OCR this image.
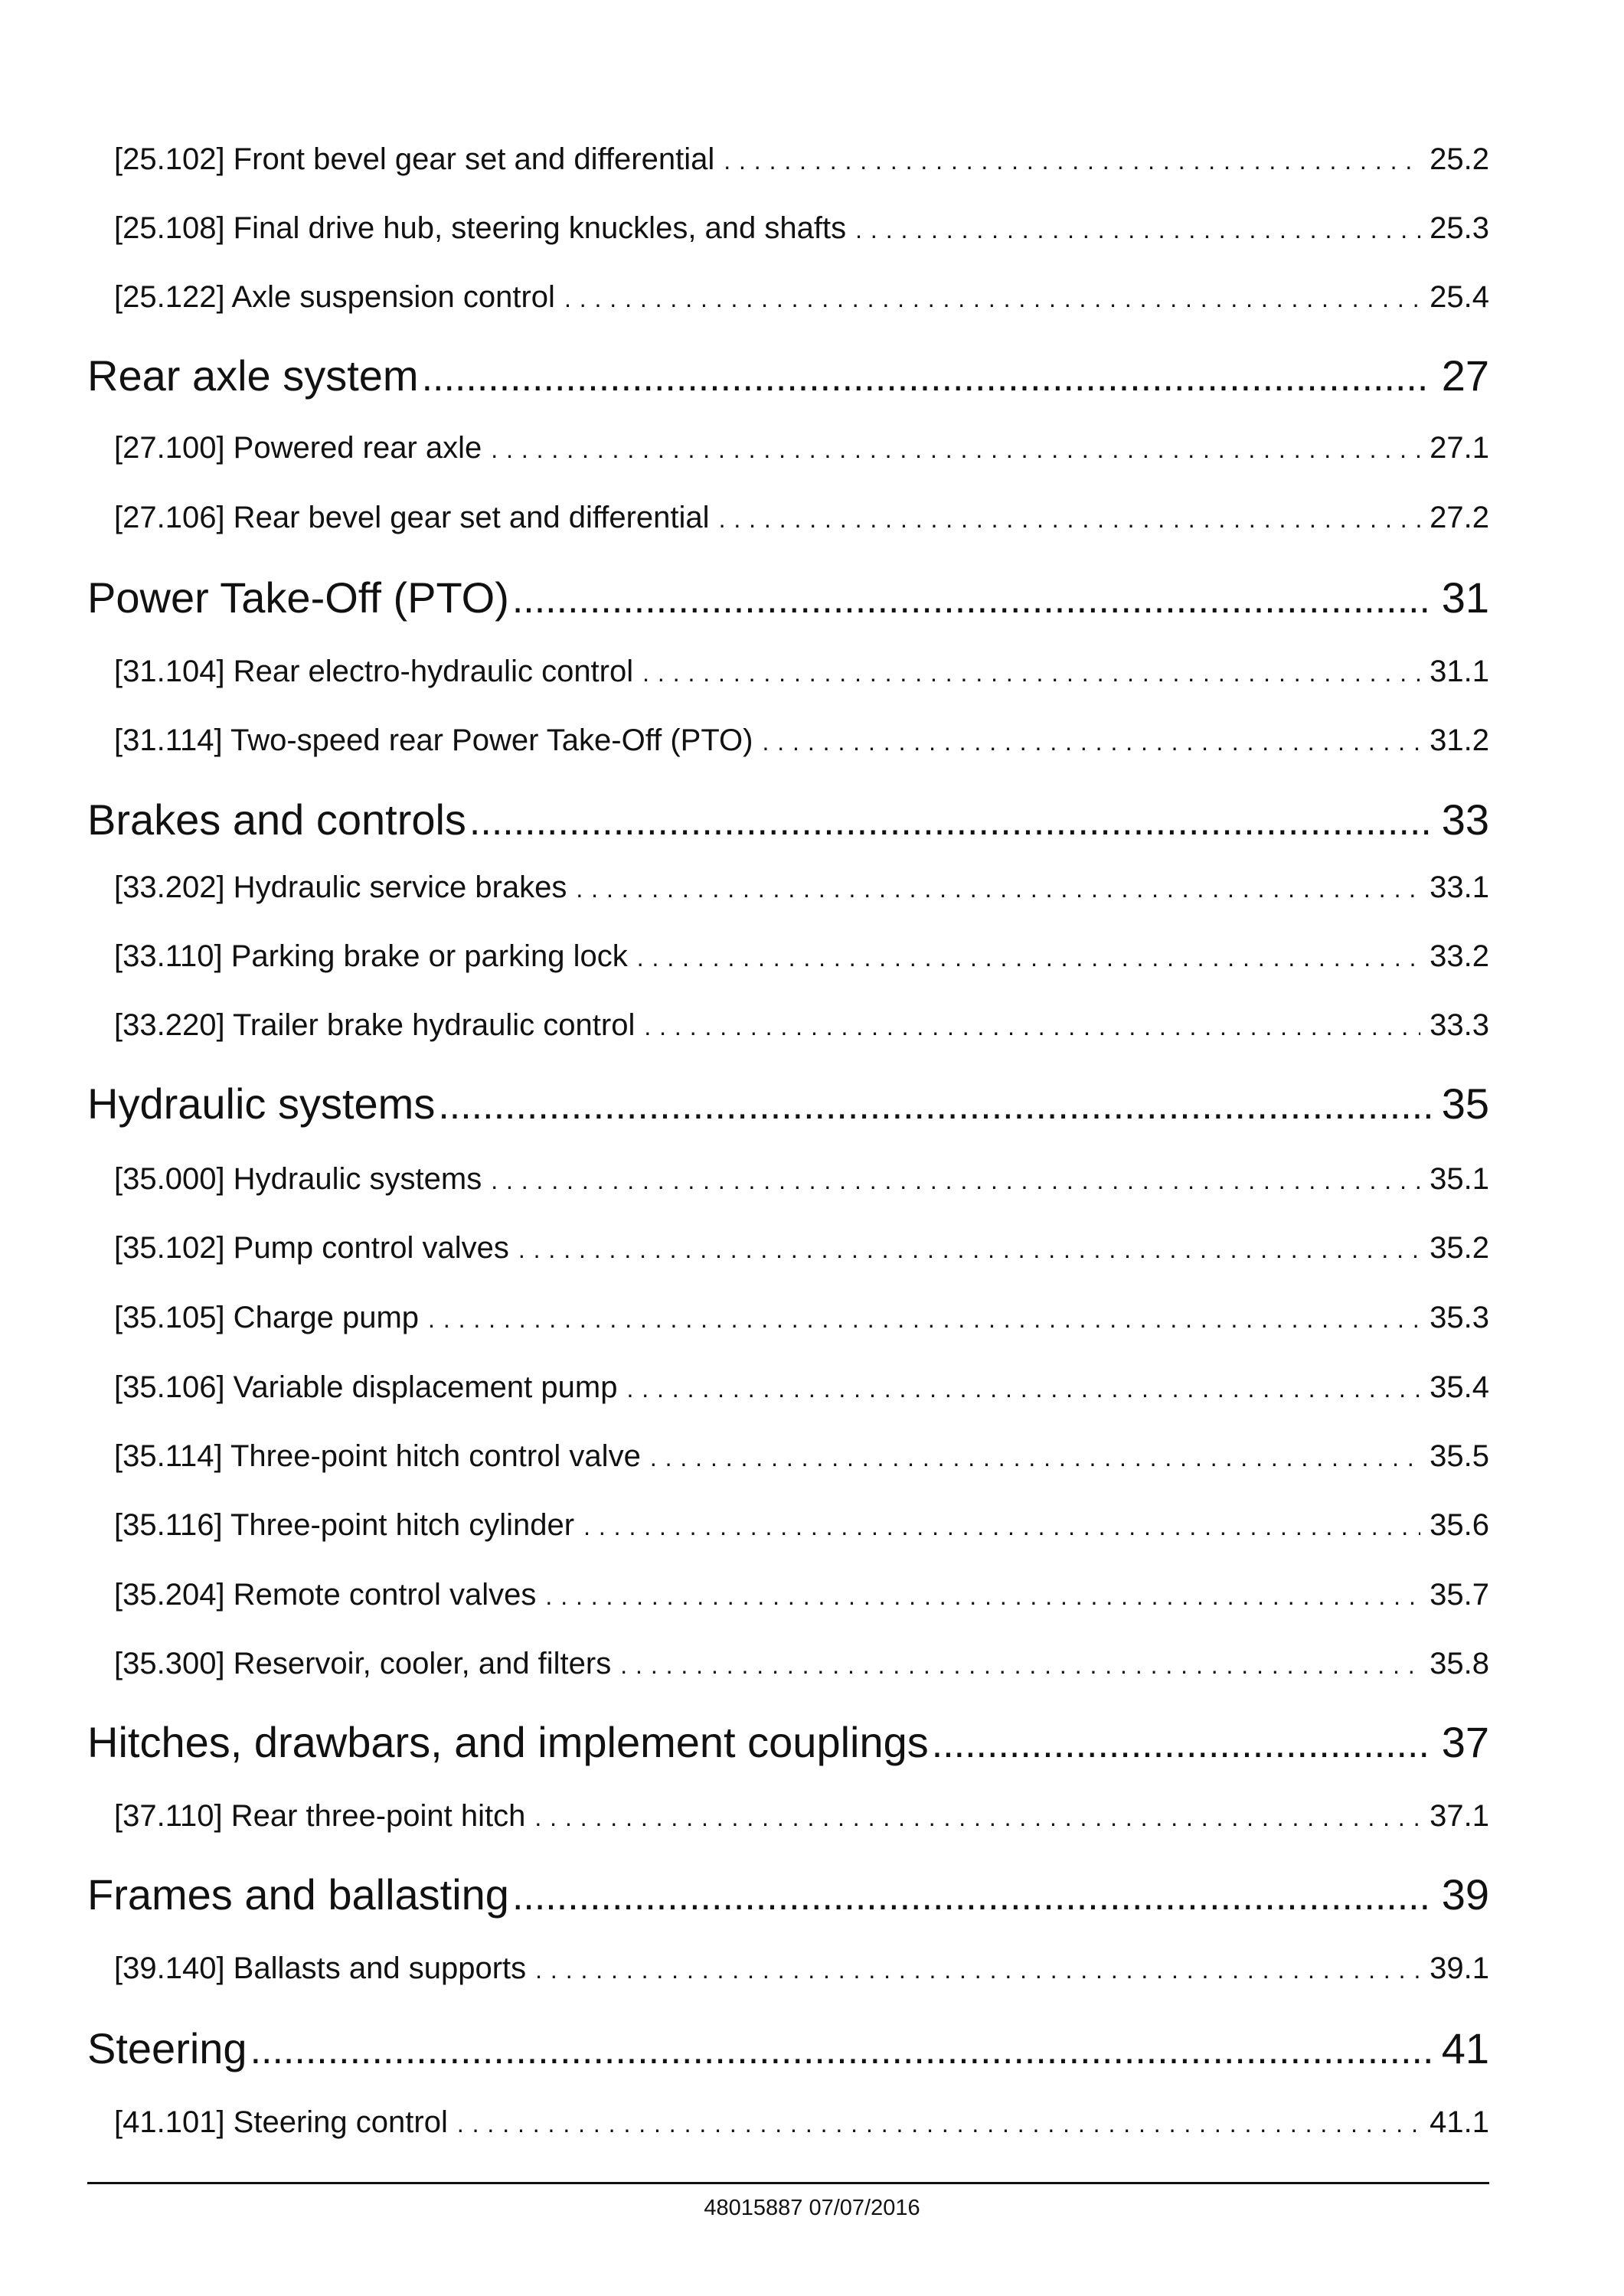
[25.102] Front bevel gear set and differential . . .	25.2
[25.108] Final drive hub, steering knuckles, and shafts . . .	25.3
[25.122] Axle suspension control . . .	25.4
Rear axle system .....	27
[27.100] Powered rear axle . . .	27.1
[27.106] Rear bevel gear set and differential . . .	27.2
Power Take-Off (PTO) .....	31
[31.104] Rear electro-hydraulic control . . .	31.1
[31.114] Two-speed rear Power Take-Off (PTO) . . .	31.2
Brakes and controls .....	33
[33.202] Hydraulic service brakes . . .	33.1
[33.110] Parking brake or parking lock . . .	33.2
[33.220] Trailer brake hydraulic control . . .	33.3
Hydraulic systems .....	35
[35.000] Hydraulic systems . . .	35.1
[35.102] Pump control valves . . .	35.2
[35.105] Charge pump . . .	35.3
[35.106] Variable displacement pump . . .	35.4
[35.114] Three-point hitch control valve . . .	35.5
[35.116] Three-point hitch cylinder . . .	35.6
[35.204] Remote control valves . . .	35.7
[35.300] Reservoir, cooler, and filters . . .	35.8
Hitches, drawbars, and implement couplings .....	37
[37.110] Rear three-point hitch . . .	37.1
Frames and ballasting .....	39
[39.140] Ballasts and supports . . .	39.1
Steering .....	41
[41.101] Steering control . . .	41.1
48015887 07/07/2016
